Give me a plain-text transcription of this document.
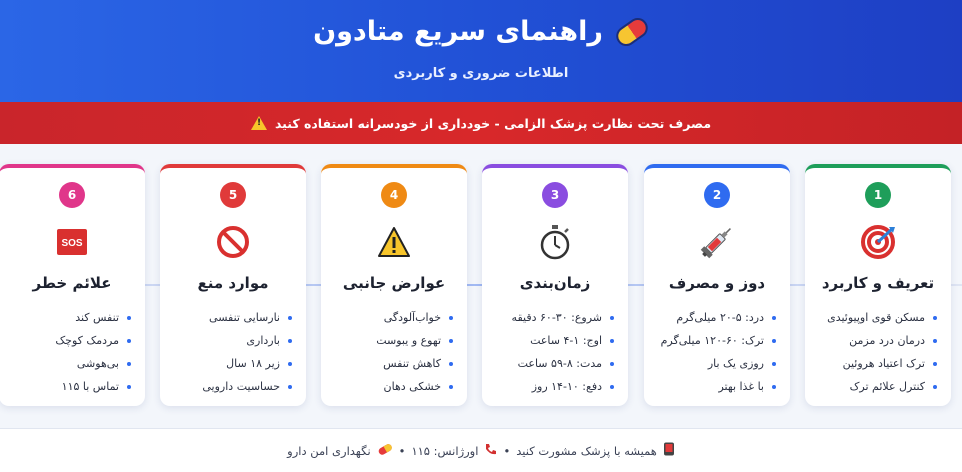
راهنمای سریع متادون
اطلاعات ضروری و کاربردی
مصرف تحت نظارت پزشک الزامی - خودداری از خودسرانه استفاده کنید
!
1
تعریف و کاربرد
مسکن قوی اوپیوئیدی
درمان درد مزمن
ترک اعتیاد هروئین
کنترل علائم ترک
2
دوز و مصرف
درد: ۵-۲۰ میلی‌گرم
ترک: ۶۰-۱۲۰ میلی‌گرم
روزی یک بار
با غذا بهتر
3
زمان‌بندی
شروع: ۳۰-۶۰ دقیقه
اوج: ۱-۴ ساعت
مدت: ۸-۵۹ ساعت
دفع: ۱۰-۱۴ روز
4
عوارض جانبی
خواب‌آلودگی
تهوع و یبوست
کاهش تنفس
خشکی دهان
5
موارد منع
نارسایی تنفسی
بارداری
زیر ۱۸ سال
حساسیت دارویی
6
SOS
علائم خطر
تنفس کند
مردمک کوچک
بی‌هوشی
تماس با ۱۱۵
همیشه با پزشک مشورت کنید
•
اورژانس: ۱۱۵
•
نگهداری امن دارو
